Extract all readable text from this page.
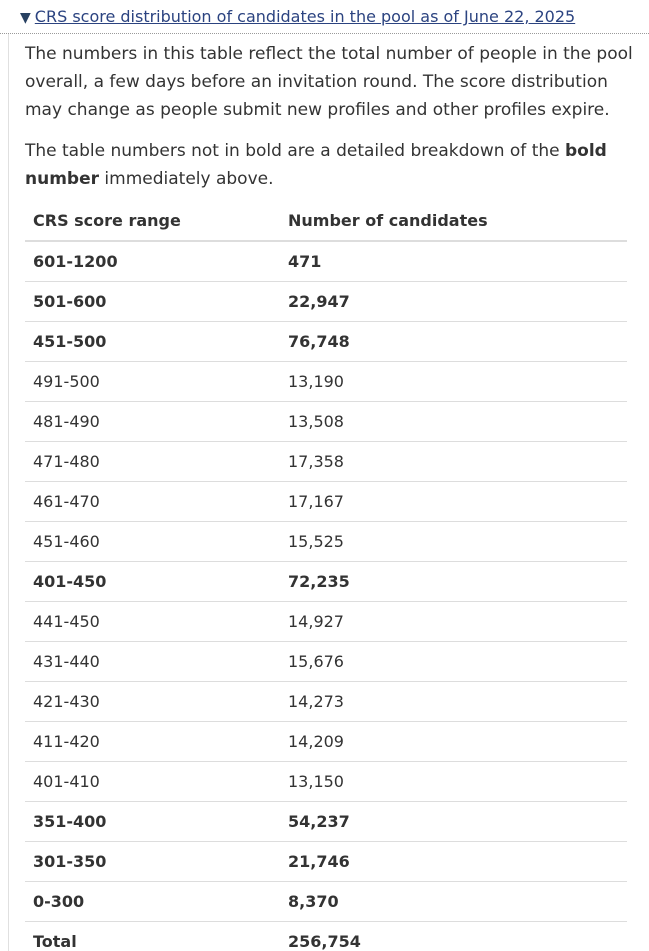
▼ CRS score distribution of candidates in the pool as of June 22, 2025

The numbers in this table reflect the total number of people in the pool overall, a few days before an invitation round. The score distribution may change as people submit new profiles and other profiles expire.

The table numbers not in bold are a detailed breakdown of the bold number immediately above.

CRS score range	Number of candidates
601-1200	471
501-600	22,947
451-500	76,748
491-500	13,190
481-490	13,508
471-480	17,358
461-470	17,167
451-460	15,525
401-450	72,235
441-450	14,927
431-440	15,676
421-430	14,273
411-420	14,209
401-410	13,150
351-400	54,237
301-350	21,746
0-300	8,370
Total	256,754
